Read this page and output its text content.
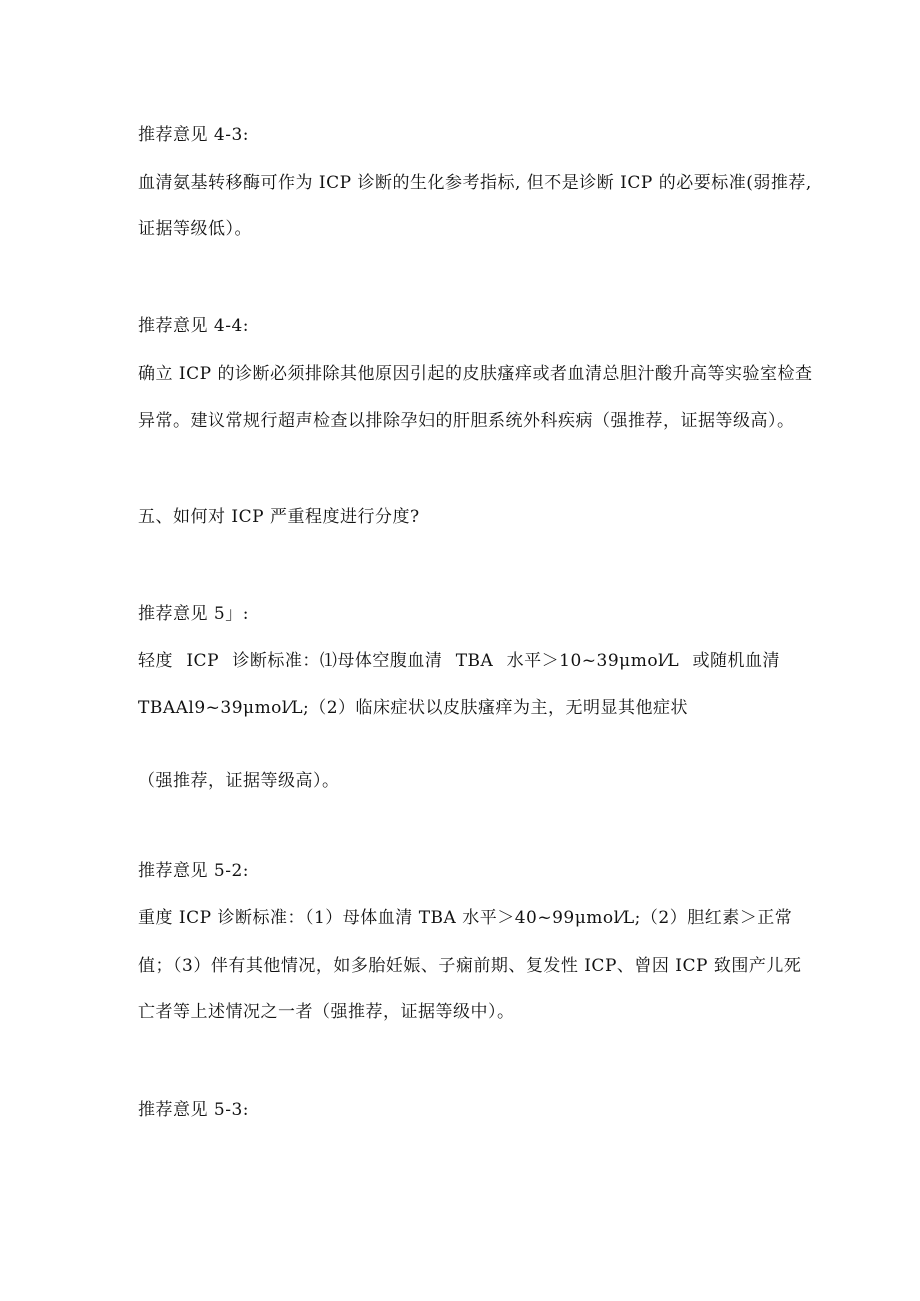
推荐意见 4-3:
血清氨基转移酶可作为 ICP 诊断的生化参考指标, 但不是诊断 ICP 的必要标准(弱推荐,
证据等级低）。
推荐意见 4-4:
确立 ICP 的诊断必须排除其他原因引起的皮肤瘙痒或者血清总胆汁酸升高等实验室检查
异常。建议常规行超声检查以排除孕妇的肝胆系统外科疾病（强推荐，证据等级高）。
五、如何对 ICP 严重程度进行分度?
推荐意见 5」:
轻度 ICP 诊断标准：⑴母体空腹血清 TBA 水平＞10~39μmol⁄L 或随机血清
TBAAl9~39μmol⁄L;（2）临床症状以皮肤瘙痒为主，无明显其他症状
（强推荐，证据等级高）。
推荐意见 5-2:
重度 ICP 诊断标准：（1）母体血清 TBA 水平＞40~99μmol⁄L;（2）胆红素＞正常
值；（3）伴有其他情况，如多胎妊娠、子痫前期、复发性 ICP、曾因 ICP 致围产儿死
亡者等上述情况之一者（强推荐，证据等级中）。
推荐意见 5-3:
